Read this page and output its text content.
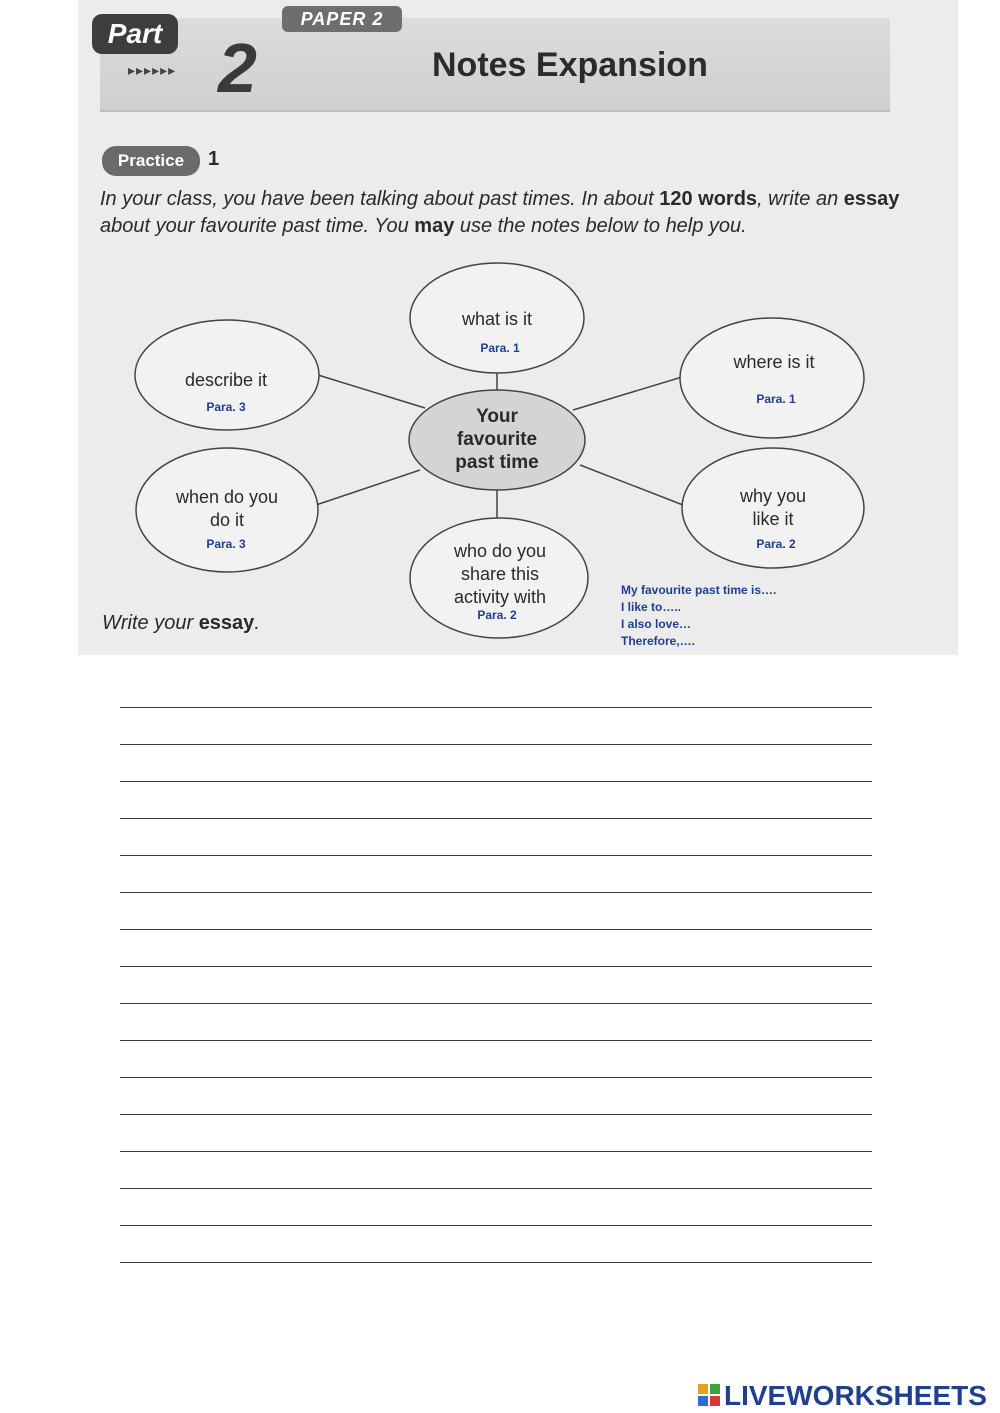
PAPER 2
Part
▸▸▸▸▸▸ 2	Notes Expansion
Practice	1
In your class, you have been talking about past times. In about 120 words, write an essay about your favourite past time. You may use the notes below to help you.
Your
favourite
past time
what is it
Para. 1
where is it
Para. 1
why you
like it
Para. 2
who do you
share this
activity with
Para. 2
when do you
do it
Para. 3
describe it
Para. 3
Write your essay.
My favourite past time is….
I like to…..
I also love…
Therefore,….
LIVEWORKSHEETS
